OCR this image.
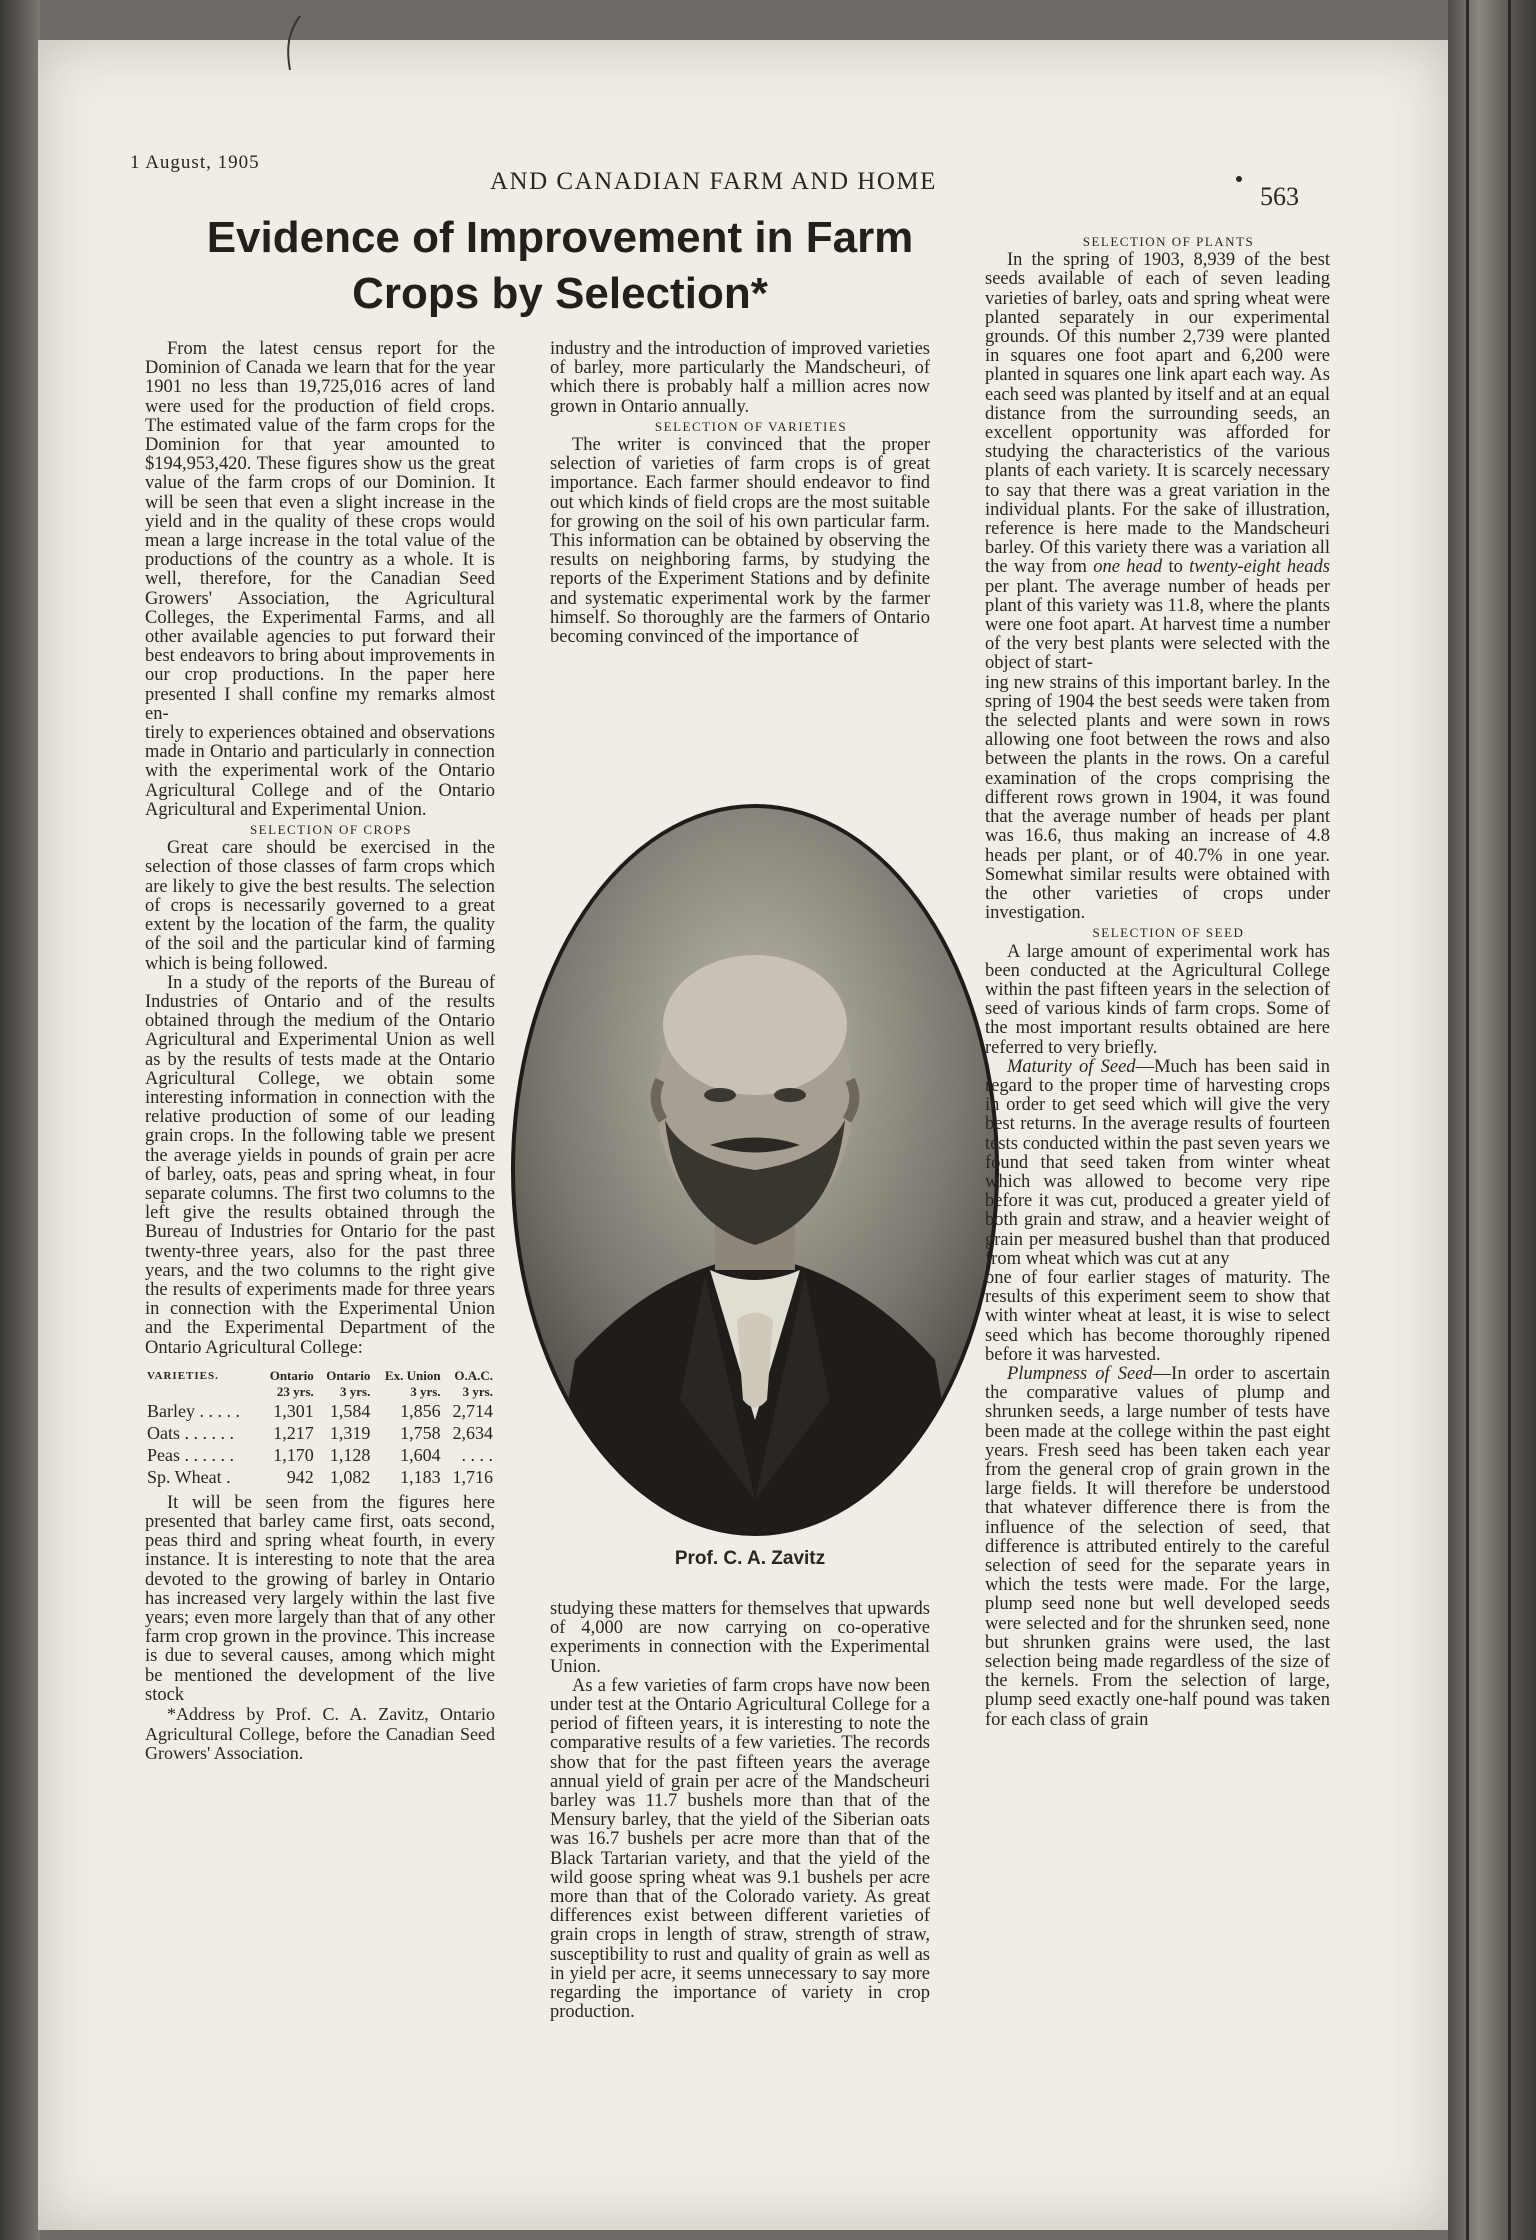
1 August, 1905
AND CANADIAN FARM AND HOME
563
Evidence of Improvement in Farm Crops by Selection*

From the latest census report for the Dominion of Canada we learn that for the year 1901 no less than 19,725,016 acres of land were used for the production of field crops. The estimated value of the farm crops for the Dominion for that year amounted to $194,953,420. These figures show us the great value of the farm crops of our Dominion. It will be seen that even a slight increase in the yield and in the quality of these crops would mean a large increase in the total value of the productions of the country as a whole. It is well, therefore, for the Canadian Seed Growers' Association, the Agricultural Colleges, the Experimental Farms, and all other available agencies to put forward their best endeavors to bring about improvements in our crop productions. In the paper here presented I shall confine my remarks almost en-

tirely to experiences obtained and observations made in Ontario and particularly in connection with the experimental work of the Ontario Agricultural College and of the Ontario Agricultural and Experimental Union.

SELECTION OF CROPS

Great care should be exercised in the selection of those classes of farm crops which are likely to give the best results. The selection of crops is necessarily governed to a great extent by the location of the farm, the quality of the soil and the particular kind of farming which is being followed.

In a study of the reports of the Bureau of Industries of Ontario and of the results obtained through the medium of the Ontario Agricultural and Experimental Union as well as by the results of tests made at the Ontario Agricultural College, we obtain some interesting information in connection with the relative production of some of our leading grain crops. In the following table we present the average yields in pounds of grain per acre of barley, oats, peas and spring wheat, in four separate columns. The first two columns to the left give the results obtained through the Bureau of Industries for Ontario for the past twenty-three years, also for the past three years, and the two columns to the right give the results of experiments made for three years in connection with the Experimental Union and the Experimental Department of the Ontario Agricultural College:

VARIETIES.	Ontario	Ontario	Ex. Union	O.A.C.
	23 yrs.	3 yrs.	3 yrs.	3 yrs.
Barley . . . . .	1,301	1,584	1,856	2,714
Oats . . . . . .	1,217	1,319	1,758	2,634
Peas . . . . . .	1,170	1,128	1,604	. . . .
Sp. Wheat .	942	1,082	1,183	1,716

It will be seen from the figures here presented that barley came first, oats second, peas third and spring wheat fourth, in every instance. It is interesting to note that the area devoted to the growing of barley in Ontario has increased very largely within the last five years; even more largely than that of any other farm crop grown in the province. This increase is due to several causes, among which might be mentioned the development of the live stock

*Address by Prof. C. A. Zavitz, Ontario Agricultural College, before the Canadian Seed Growers' Association.

industry and the introduction of improved varieties of barley, more particularly the Mandscheuri, of which there is probably half a million acres now grown in Ontario annually.

SELECTION OF VARIETIES

The writer is convinced that the proper selection of varieties of farm crops is of great importance. Each farmer should endeavor to find out which kinds of field crops are the most suitable for growing on the soil of his own particular farm. This information can be obtained by observing the results on neighboring farms, by studying the reports of the Experiment Stations and by definite and systematic experimental work by the farmer himself. So thoroughly are the farmers of Ontario becoming convinced of the importance of

Prof. C. A. Zavitz

studying these matters for themselves that upwards of 4,000 are now carrying on co-operative experiments in connection with the Experimental Union.

As a few varieties of farm crops have now been under test at the Ontario Agricultural College for a period of fifteen years, it is interesting to note the comparative results of a few varieties. The records show that for the past fifteen years the average annual yield of grain per acre of the Mandscheuri barley was 11.7 bushels more than that of the Mensury barley, that the yield of the Siberian oats was 16.7 bushels per acre more than that of the Black Tartarian variety, and that the yield of the wild goose spring wheat was 9.1 bushels per acre more than that of the Colorado variety. As great differences exist between different varieties of grain crops in length of straw, strength of straw, susceptibility to rust and quality of grain as well as in yield per acre, it seems unnecessary to say more regarding the importance of variety in crop production.

SELECTION OF PLANTS

In the spring of 1903, 8,939 of the best seeds available of each of seven leading varieties of barley, oats and spring wheat were planted separately in our experimental grounds. Of this number 2,739 were planted in squares one foot apart and 6,200 were planted in squares one link apart each way. As each seed was planted by itself and at an equal distance from the surrounding seeds, an excellent opportunity was afforded for studying the characteristics of the various plants of each variety. It is scarcely necessary to say that there was a great variation in the individual plants. For the sake of illustration, reference is here made to the Mandscheuri barley. Of this variety there was a variation all the way from one head to twenty-eight heads per plant. The average number of heads per plant of this variety was 11.8, where the plants were one foot apart. At harvest time a number of the very best plants were selected with the object of start-

ing new strains of this important barley. In the spring of 1904 the best seeds were taken from the selected plants and were sown in rows allowing one foot between the rows and also between the plants in the rows. On a careful examination of the crops comprising the different rows grown in 1904, it was found that the average number of heads per plant was 16.6, thus making an increase of 4.8 heads per plant, or of 40.7% in one year. Somewhat similar results were obtained with the other varieties of crops under investigation.

SELECTION OF SEED

A large amount of experimental work has been conducted at the Agricultural College within the past fifteen years in the selection of seed of various kinds of farm crops. Some of the most important results obtained are here referred to very briefly.

Maturity of Seed—Much has been said in regard to the proper time of harvesting crops in order to get seed which will give the very best returns. In the average results of fourteen tests conducted within the past seven years we found that seed taken from winter wheat which was allowed to become very ripe before it was cut, produced a greater yield of both grain and straw, and a heavier weight of grain per measured bushel than that produced from wheat which was cut at any

one of four earlier stages of maturity. The results of this experiment seem to show that with winter wheat at least, it is wise to select seed which has become thoroughly ripened before it was harvested.

Plumpness of Seed—In order to ascertain the comparative values of plump and shrunken seeds, a large number of tests have been made at the college within the past eight years. Fresh seed has been taken each year from the general crop of grain grown in the large fields. It will therefore be understood that whatever difference there is from the influence of the selection of seed, that difference is attributed entirely to the careful selection of seed for the separate years in which the tests were made. For the large, plump seed none but well developed seeds were selected and for the shrunken seed, none but shrunken grains were used, the last selection being made regardless of the size of the kernels. From the selection of large, plump seed exactly one-half pound was taken for each class of grain
